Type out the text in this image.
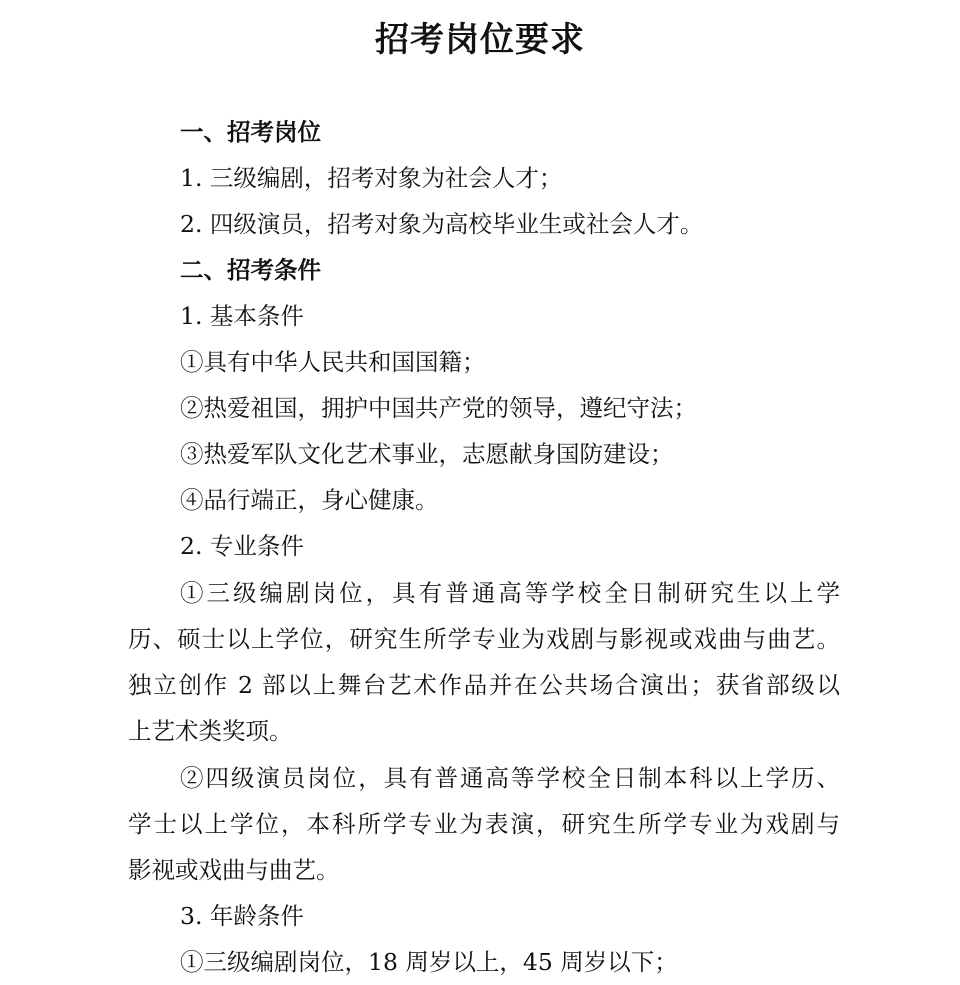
招考岗位要求
一、招考岗位
1. 三级编剧，招考对象为社会人才；
2. 四级演员，招考对象为高校毕业生或社会人才。
二、招考条件
1. 基本条件
①具有中华人民共和国国籍；
②热爱祖国，拥护中国共产党的领导，遵纪守法；
③热爱军队文化艺术事业，志愿献身国防建设；
④品行端正，身心健康。
2. 专业条件
①三级编剧岗位，具有普通高等学校全日制研究生以上学
历、硕士以上学位，研究生所学专业为戏剧与影视或戏曲与曲艺。
独立创作 2 部以上舞台艺术作品并在公共场合演出；获省部级以
上艺术类奖项。
②四级演员岗位，具有普通高等学校全日制本科以上学历、
学士以上学位，本科所学专业为表演，研究生所学专业为戏剧与
影视或戏曲与曲艺。
3. 年龄条件
①三级编剧岗位，18 周岁以上，45 周岁以下；
